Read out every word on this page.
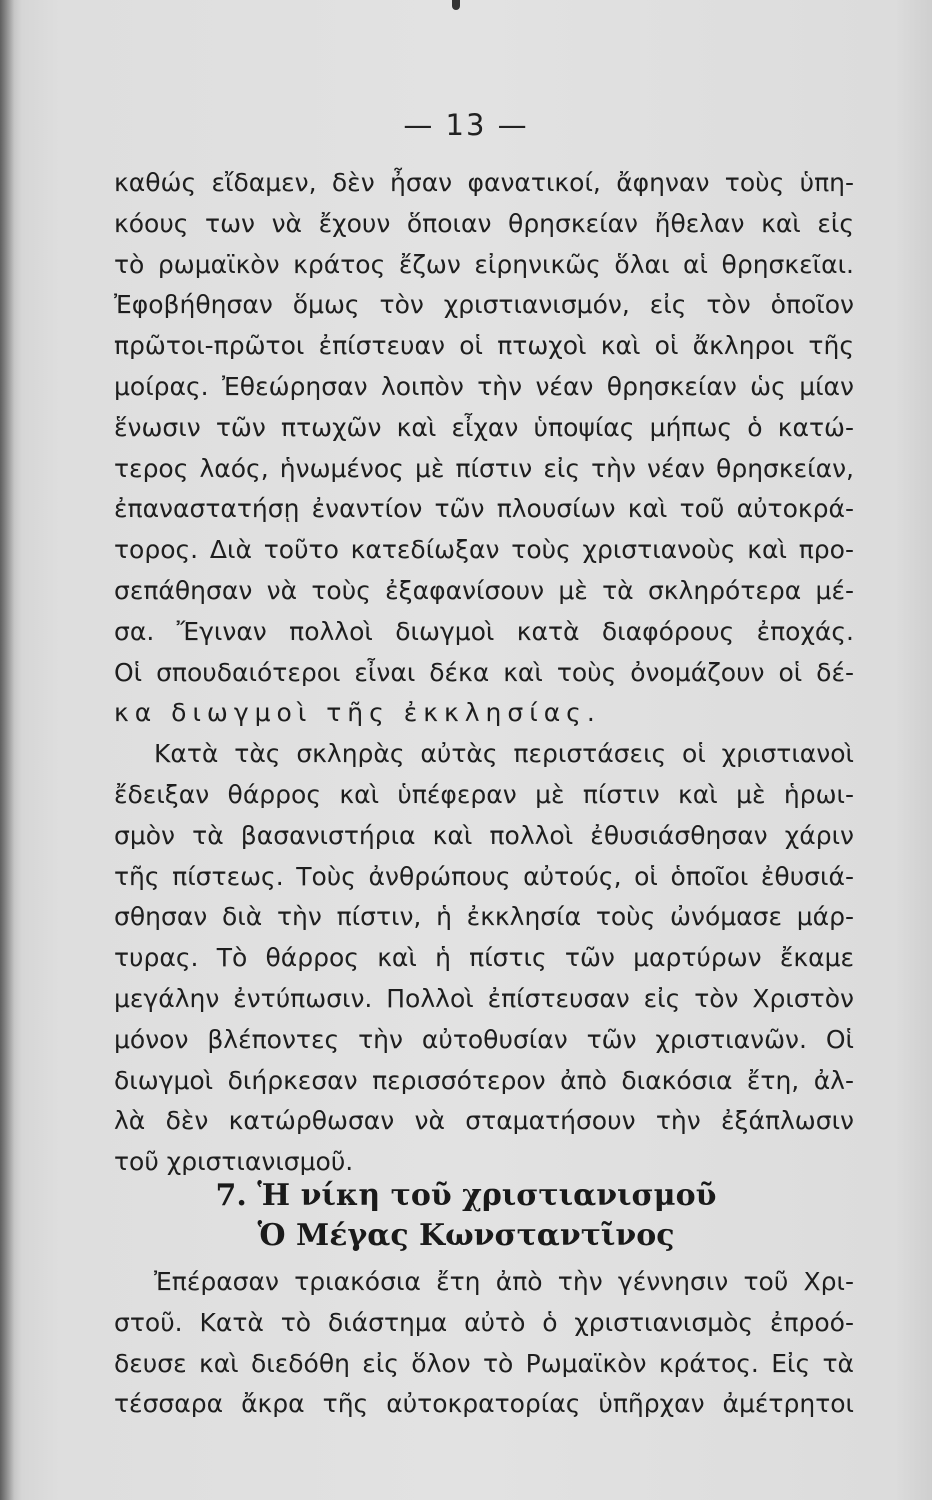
— 13 —
καθώς εἴδαμεν, δὲν ἦσαν φανατικοί, ἄφηναν τοὺς ὑπη-
κόους των νὰ ἔχουν ὅποιαν θρησκείαν ἤθελαν καὶ εἰς
τὸ ρωμαϊκὸν κράτος ἔζων εἰρηνικῶς ὅλαι αἱ θρησκεῖαι.
Ἐφοβήθησαν ὅμως τὸν χριστιανισμόν, εἰς τὸν ὁποῖον
πρῶτοι-πρῶτοι ἐπίστευαν οἱ πτωχοὶ καὶ οἱ ἄκληροι τῆς
μοίρας. Ἐθεώρησαν λοιπὸν τὴν νέαν θρησκείαν ὡς μίαν
ἕνωσιν τῶν πτωχῶν καὶ εἶχαν ὑποψίας μήπως ὁ κατώ-
τερος λαός, ἡνωμένος μὲ πίστιν εἰς τὴν νέαν θρησκείαν,
ἐπαναστατήσῃ ἐναντίον τῶν πλουσίων καὶ τοῦ αὐτοκρά-
τορος. Διὰ τοῦτο κατεδίωξαν τοὺς χριστιανοὺς καὶ προ-
σεπάθησαν νὰ τοὺς ἐξαφανίσουν μὲ τὰ σκληρότερα μέ-
σα. Ἔγιναν πολλοὶ διωγμοὶ κατὰ διαφόρους ἐποχάς.
Οἱ σπουδαιότεροι εἶναι δέκα καὶ τοὺς ὀνομάζουν οἱ δέ-
κα διωγμοὶ τῆς ἐκκλησίας.
Κατὰ τὰς σκληρὰς αὐτὰς περιστάσεις οἱ χριστιανοὶ
ἔδειξαν θάρρος καὶ ὑπέφεραν μὲ πίστιν καὶ μὲ ἡρωι-
σμὸν τὰ βασανιστήρια καὶ πολλοὶ ἐθυσιάσθησαν χάριν
τῆς πίστεως. Τοὺς ἀνθρώπους αὐτούς, οἱ ὁποῖοι ἐθυσιά-
σθησαν διὰ τὴν πίστιν, ἡ ἐκκλησία τοὺς ὠνόμασε μάρ-
τυρας. Τὸ θάρρος καὶ ἡ πίστις τῶν μαρτύρων ἔκαμε
μεγάλην ἐντύπωσιν. Πολλοὶ ἐπίστευσαν εἰς τὸν Χριστὸν
μόνον βλέποντες τὴν αὐτοθυσίαν τῶν χριστιανῶν. Οἱ
διωγμοὶ διήρκεσαν περισσότερον ἀπὸ διακόσια ἔτη, ἀλ-
λὰ δὲν κατώρθωσαν νὰ σταματήσουν τὴν ἐξάπλωσιν
τοῦ χριστιανισμοῦ.
7. Ἡ νίκη τοῦ χριστιανισμοῦ
Ὁ Μέγας Κωνσταντῖνος
Ἐπέρασαν τριακόσια ἔτη ἀπὸ τὴν γέννησιν τοῦ Χρι-
στοῦ. Κατὰ τὸ διάστημα αὐτὸ ὁ χριστιανισμὸς ἐπροό-
δευσε καὶ διεδόθη εἰς ὅλον τὸ Ρωμαϊκὸν κράτος. Εἰς τὰ
τέσσαρα ἄκρα τῆς αὐτοκρατορίας ὑπῆρχαν ἀμέτρητοι
